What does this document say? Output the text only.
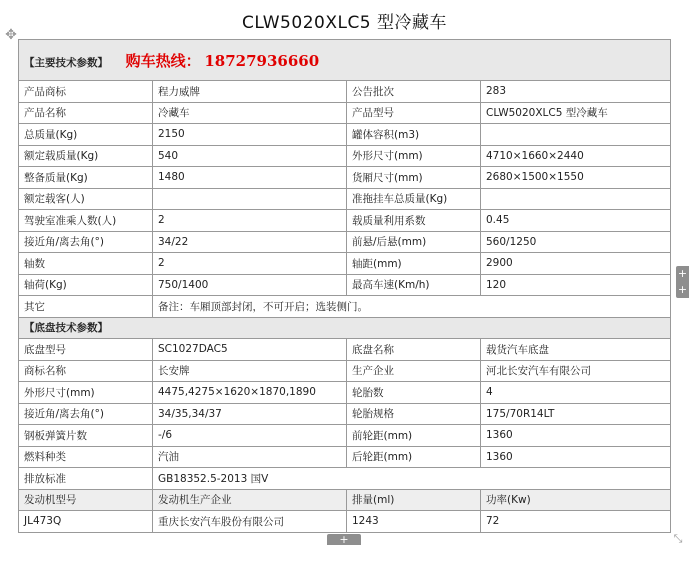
CLW5020XLC5 型冷藏车
✥
【主要技术参数】 购车热线： 18727936660			
产品商标	程力威牌	公告批次	283
产品名称	冷藏车	产品型号	CLW5020XLC5 型冷藏车
总质量(Kg)	2150	罐体容积(m3)	
额定载质量(Kg)	540	外形尺寸(mm)	4710×1660×2440
整备质量(Kg)	1480	货厢尺寸(mm)	2680×1500×1550
额定载客(人)		准拖挂车总质量(Kg)	
驾驶室准乘人数(人)	2	载质量利用系数	0.45
接近角/离去角(°)	34/22	前悬/后悬(mm)	560/1250
轴数	2	轴距(mm)	2900
轴荷(Kg)	750/1400	最高车速(Km/h)	120
其它	备注：车厢顶部封闭，不可开启；选装侧门。		
【底盘技术参数】			
底盘型号	SC1027DAC5	底盘名称	载货汽车底盘
商标名称	长安牌	生产企业	河北长安汽车有限公司
外形尺寸(mm)	4475,4275×1620×1870,1890	轮胎数	4
接近角/离去角(°)	34/35,34/37	轮胎规格	175/70R14LT
钢板弹簧片数	-/6	前轮距(mm)	1360
燃料种类	汽油	后轮距(mm)	1360
排放标准	GB18352.5-2013 国V		
发动机型号	发动机生产企业	排量(ml)	功率(Kw)
JL473Q	重庆长安汽车股份有限公司	1243	72
+
+
+	⤡
